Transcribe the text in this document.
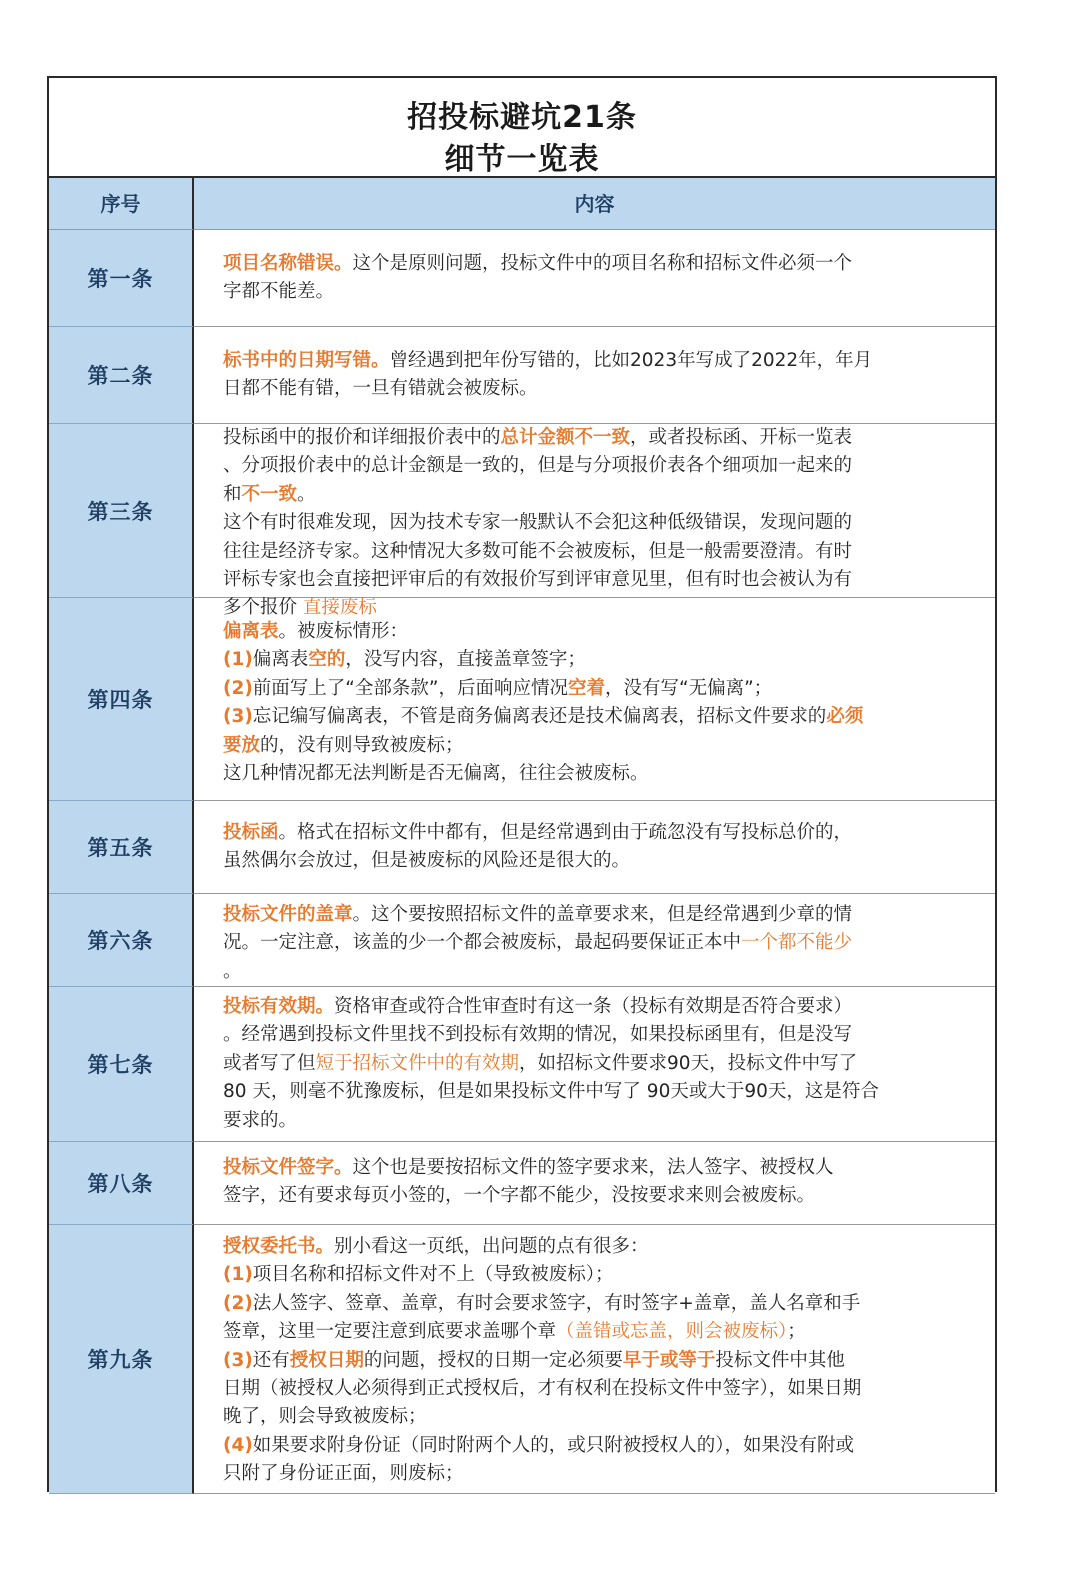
招投标避坑21条
细节一览表
序号	内容
第一条

项目名称错误。这个是原则问题，投标文件中的项目名称和招标文件必须一个

字都不能差。

第二条

标书中的日期写错。曾经遇到把年份写错的，比如2023年写成了2022年，年月

日都不能有错，一旦有错就会被废标。

第三条

投标函中的报价和详细报价表中的总计金额不一致，或者投标函、开标一览表

、分项报价表中的总计金额是一致的，但是与分项报价表各个细项加一起来的

和不一致。

这个有时很难发现，因为技术专家一般默认不会犯这种低级错误，发现问题的

往往是经济专家。这种情况大多数可能不会被废标，但是一般需要澄清。有时

评标专家也会直接把评审后的有效报价写到评审意见里，但有时也会被认为有

多个报价 直接废标

第四条

偏离表。被废标情形：

(1)偏离表空的，没写内容，直接盖章签字；

(2)前面写上了“全部条款”，后面响应情况空着，没有写“无偏离”；

(3)忘记编写偏离表，不管是商务偏离表还是技术偏离表，招标文件要求的必须

要放的，没有则导致被废标；

这几种情况都无法判断是否无偏离，往往会被废标。

第五条

投标函。格式在招标文件中都有，但是经常遇到由于疏忽没有写投标总价的，

虽然偶尔会放过，但是被废标的风险还是很大的。

第六条

投标文件的盖章。这个要按照招标文件的盖章要求来，但是经常遇到少章的情

况。一定注意，该盖的少一个都会被废标，最起码要保证正本中一个都不能少

。

第七条

投标有效期。资格审查或符合性审查时有这一条（投标有效期是否符合要求）

。经常遇到投标文件里找不到投标有效期的情况，如果投标函里有，但是没写

或者写了但短于招标文件中的有效期，如招标文件要求90天，投标文件中写了

80 天，则毫不犹豫废标，但是如果投标文件中写了 90天或大于90天，这是符合

要求的。

第八条

投标文件签字。这个也是要按招标文件的签字要求来，法人签字、被授权人

签字，还有要求每页小签的，一个字都不能少，没按要求来则会被废标。

第九条

授权委托书。别小看这一页纸，出问题的点有很多：

(1)项目名称和招标文件对不上（导致被废标）；

(2)法人签字、签章、盖章，有时会要求签字，有时签字+盖章，盖人名章和手

签章，这里一定要注意到底要求盖哪个章（盖错或忘盖，则会被废标）；

(3)还有授权日期的问题，授权的日期一定必须要早于或等于投标文件中其他

日期（被授权人必须得到正式授权后，才有权利在投标文件中签字），如果日期

晚了，则会导致被废标；

(4)如果要求附身份证（同时附两个人的，或只附被授权人的），如果没有附或

只附了身份证正面，则废标；
